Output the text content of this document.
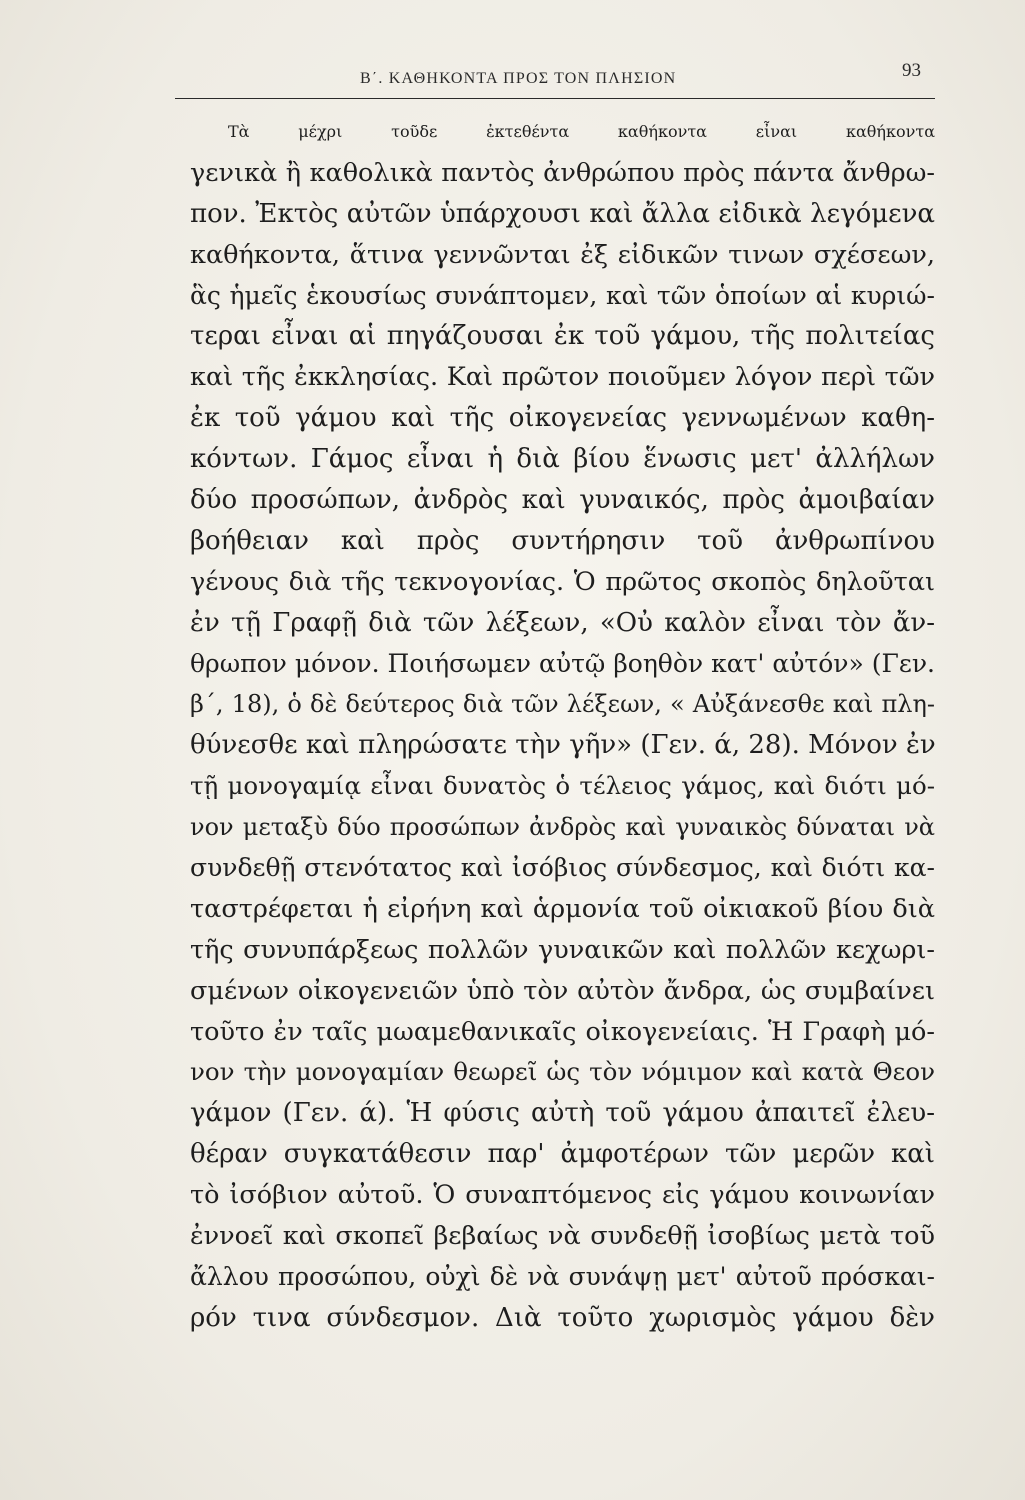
Β΄. ΚΑΘΗΚΟΝΤΑ ΠΡΟΣ ΤΟΝ ΠΛΗΣΙΟΝ	93
Τὰ μέχρι τοῦδε ἐκτεθέντα καθήκοντα εἶναι καθήκοντα
γενικὰ ἢ καθολικὰ παντὸς ἀνθρώπου πρὸς πάντα ἄνθρω-
πον. Ἐκτὸς αὐτῶν ὑπάρχουσι καὶ ἄλλα εἰδικὰ λεγόμενα
καθήκοντα, ἅτινα γεννῶνται ἐξ εἰδικῶν τινων σχέσεων,
ἃς ἡμεῖς ἑκουσίως συνάπτομεν, καὶ τῶν ὁποίων αἱ κυριώ-
τεραι εἶναι αἱ πηγάζουσαι ἐκ τοῦ γάμου, τῆς πολιτείας
καὶ τῆς ἐκκλησίας. Καὶ πρῶτον ποιοῦμεν λόγον περὶ τῶν
ἐκ τοῦ γάμου καὶ τῆς οἰκογενείας γεννωμένων καθη-
κόντων. Γάμος εἶναι ἡ διὰ βίου ἕνωσις μετ' ἀλλήλων
δύο προσώπων, ἀνδρὸς καὶ γυναικός, πρὸς ἀμοιβαίαν
βοήθειαν καὶ πρὸς συντήρησιν τοῦ ἀνθρωπίνου
γένους διὰ τῆς τεκνογονίας. Ὁ πρῶτος σκοπὸς δηλοῦται
ἐν τῇ Γραφῇ διὰ τῶν λέξεων, «Οὐ καλὸν εἶναι τὸν ἄν-
θρωπον μόνον. Ποιήσωμεν αὐτῷ βοηθὸν κατ' αὐτόν» (Γεν.
β΄, 18), ὁ δὲ δεύτερος διὰ τῶν λέξεων, « Αὐξάνεσθε καὶ πλη-
θύνεσθε καὶ πληρώσατε τὴν γῆν» (Γεν. ά, 28). Μόνον ἐν
τῇ μονογαμίᾳ εἶναι δυνατὸς ὁ τέλειος γάμος, καὶ διότι μό-
νον μεταξὺ δύο προσώπων ἀνδρὸς καὶ γυναικὸς δύναται νὰ
συνδεθῇ στενότατος καὶ ἰσόβιος σύνδεσμος, καὶ διότι κα-
ταστρέφεται ἡ εἰρήνη καὶ ἁρμονία τοῦ οἰκιακοῦ βίου διὰ
τῆς συνυπάρξεως πολλῶν γυναικῶν καὶ πολλῶν κεχωρι-
σμένων οἰκογενειῶν ὑπὸ τὸν αὐτὸν ἄνδρα, ὡς συμβαίνει
τοῦτο ἐν ταῖς μωαμεθανικαῖς οἰκογενείαις. Ἡ Γραφὴ μό-
νον τὴν μονογαμίαν θεωρεῖ ὡς τὸν νόμιμον καὶ κατὰ Θεον
γάμον (Γεν. ά). Ἡ φύσις αὐτὴ τοῦ γάμου ἀπαιτεῖ ἐλευ-
θέραν συγκατάθεσιν παρ' ἀμφοτέρων τῶν μερῶν καὶ
τὸ ἰσόβιον αὐτοῦ. Ὁ συναπτόμενος εἰς γάμου κοινωνίαν
ἐννοεῖ καὶ σκοπεῖ βεβαίως νὰ συνδεθῇ ἰσοβίως μετὰ τοῦ
ἄλλου προσώπου, οὐχὶ δὲ νὰ συνάψῃ μετ' αὐτοῦ πρόσκαι-
ρόν τινα σύνδεσμον. Διὰ τοῦτο χωρισμὸς γάμου δὲν
